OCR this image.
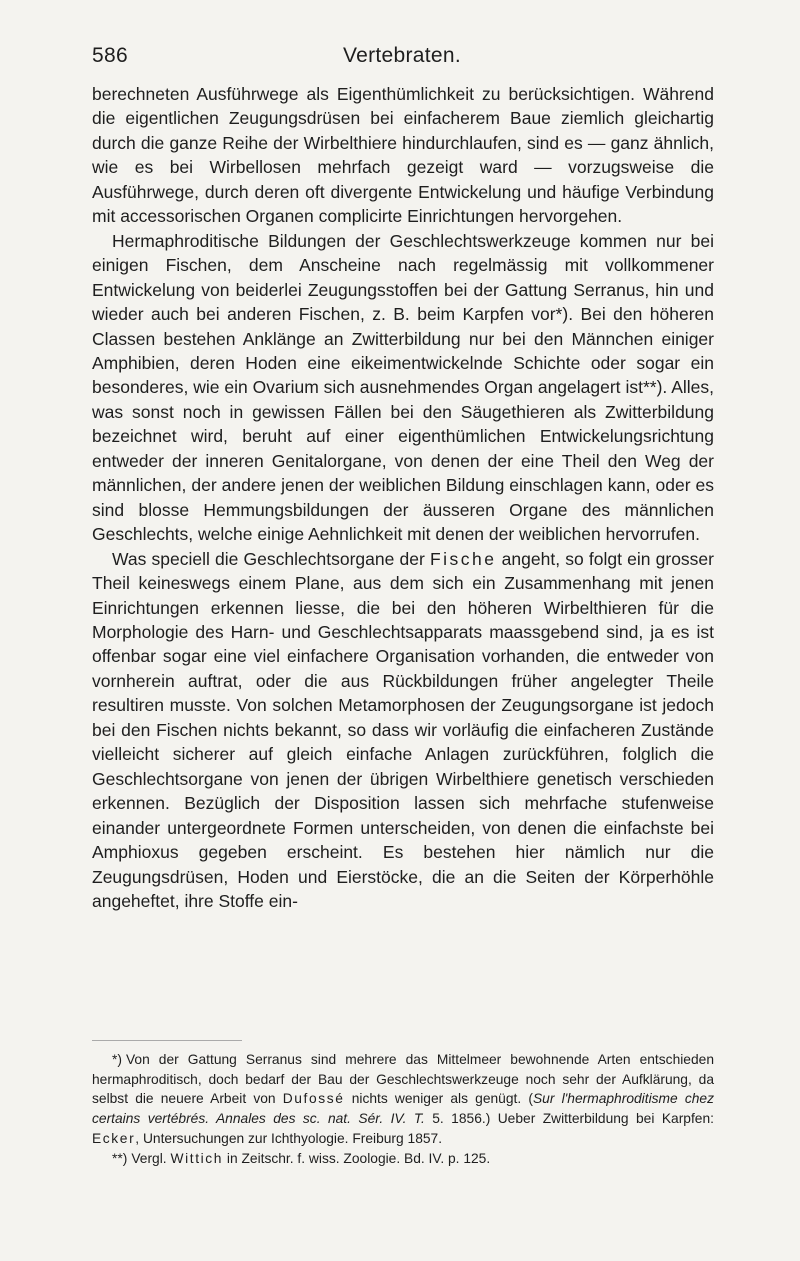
586	Vertebraten.

berechneten Ausführwege als Eigenthümlichkeit zu berücksichtigen. Während die eigentlichen Zeugungsdrüsen bei einfacherem Baue ziemlich gleichartig durch die ganze Reihe der Wirbelthiere hindurchlaufen, sind es — ganz ähnlich, wie es bei Wirbellosen mehrfach gezeigt ward — vorzugsweise die Ausführwege, durch deren oft divergente Entwickelung und häufige Verbindung mit accessorischen Organen complicirte Einrichtungen hervorgehen.

Hermaphroditische Bildungen der Geschlechtswerkzeuge kommen nur bei einigen Fischen, dem Anscheine nach regelmässig mit vollkommener Entwickelung von beiderlei Zeugungsstoffen bei der Gattung Serranus, hin und wieder auch bei anderen Fischen, z. B. beim Karpfen vor*). Bei den höheren Classen bestehen Anklänge an Zwitterbildung nur bei den Männchen einiger Amphibien, deren Hoden eine eikeimentwickelnde Schichte oder sogar ein besonderes, wie ein Ovarium sich ausnehmendes Organ angelagert ist**). Alles, was sonst noch in gewissen Fällen bei den Säugethieren als Zwitterbildung bezeichnet wird, beruht auf einer eigenthümlichen Entwickelungsrichtung entweder der inneren Genitalorgane, von denen der eine Theil den Weg der männlichen, der andere jenen der weiblichen Bildung einschlagen kann, oder es sind blosse Hemmungsbildungen der äusseren Organe des männlichen Geschlechts, welche einige Aehnlichkeit mit denen der weiblichen hervorrufen.

Was speciell die Geschlechtsorgane der Fische angeht, so folgt ein grosser Theil keineswegs einem Plane, aus dem sich ein Zusammenhang mit jenen Einrichtungen erkennen liesse, die bei den höheren Wirbelthieren für die Morphologie des Harn- und Geschlechtsapparats maassgebend sind, ja es ist offenbar sogar eine viel einfachere Organisation vorhanden, die entweder von vornherein auftrat, oder die aus Rückbildungen früher angelegter Theile resultiren musste. Von solchen Metamorphosen der Zeugungsorgane ist jedoch bei den Fischen nichts bekannt, so dass wir vorläufig die einfacheren Zustände vielleicht sicherer auf gleich einfache Anlagen zurückführen, folglich die Geschlechtsorgane von jenen der übrigen Wirbelthiere genetisch verschieden erkennen. Bezüglich der Disposition lassen sich mehrfache stufenweise einander untergeordnete Formen unterscheiden, von denen die einfachste bei Amphioxus gegeben erscheint. Es bestehen hier nämlich nur die Zeugungsdrüsen, Hoden und Eierstöcke, die an die Seiten der Körperhöhle angeheftet, ihre Stoffe ein-

*) Von der Gattung Serranus sind mehrere das Mittelmeer bewohnende Arten entschieden hermaphroditisch, doch bedarf der Bau der Geschlechtswerkzeuge noch sehr der Aufklärung, da selbst die neuere Arbeit von Dufossé nichts weniger als genügt. (Sur l'hermaphroditisme chez certains vertébrés. Annales des sc. nat. Sér. IV. T. 5. 1856.) Ueber Zwitterbildung bei Karpfen: Ecker, Untersuchungen zur Ichthyologie. Freiburg 1857.

**) Vergl. Wittich in Zeitschr. f. wiss. Zoologie. Bd. IV. p. 125.
